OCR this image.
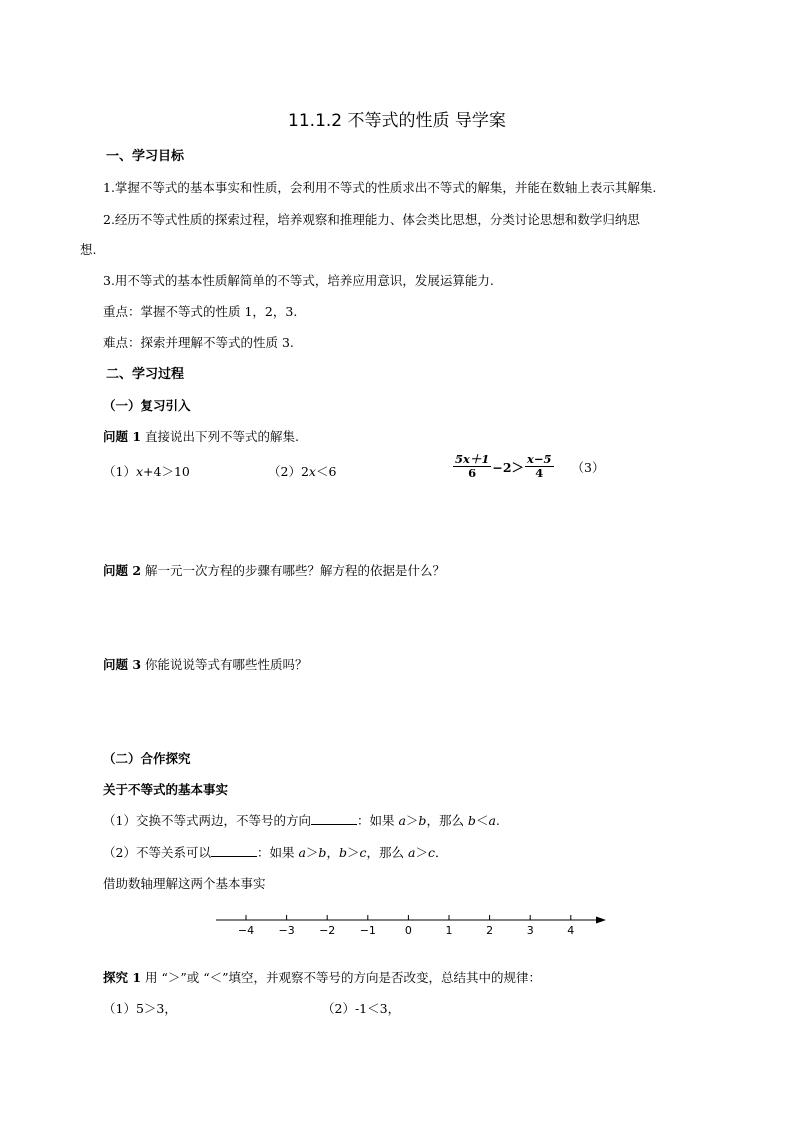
11.1.2 不等式的性质 导学案
一、学习目标
1.掌握不等式的基本事实和性质，会利用不等式的性质求出不等式的解集，并能在数轴上表示其解集.
2.经历不等式性质的探索过程，培养观察和推理能力、体会类比思想，分类讨论思想和数学归纳思
想.
3.用不等式的基本性质解简单的不等式，培养应用意识，发展运算能力.
重点：掌握不等式的性质 1，2，3.
难点：探索并理解不等式的性质 3.
二、学习过程
（一）复习引入
问题 1 直接说出下列不等式的解集.
（1）x+4＞10	（2）2x＜6	$\frac{5x+1}{6} -2> \frac{x-5}{4} (3)$
问题 2 解一元一次方程的步骤有哪些？解方程的依据是什么？
问题 3 你能说说等式有哪些性质吗？
（二）合作探究
关于不等式的基本事实
（1）交换不等式两边，不等号的方向	：如果 a＞b，那么 b＜a.
（2）不等关系可以	：如果 a＞b，b＞c，那么 a＞c．
借助数轴理解这两个基本事实
−4 −3 −2 −1	0	1	2	3	4
探究 1 用 “＞”或 “＜”填空，并观察不等号的方向是否改变，总结其中的规律：
（1）5＞3，	（2）-1＜3，
